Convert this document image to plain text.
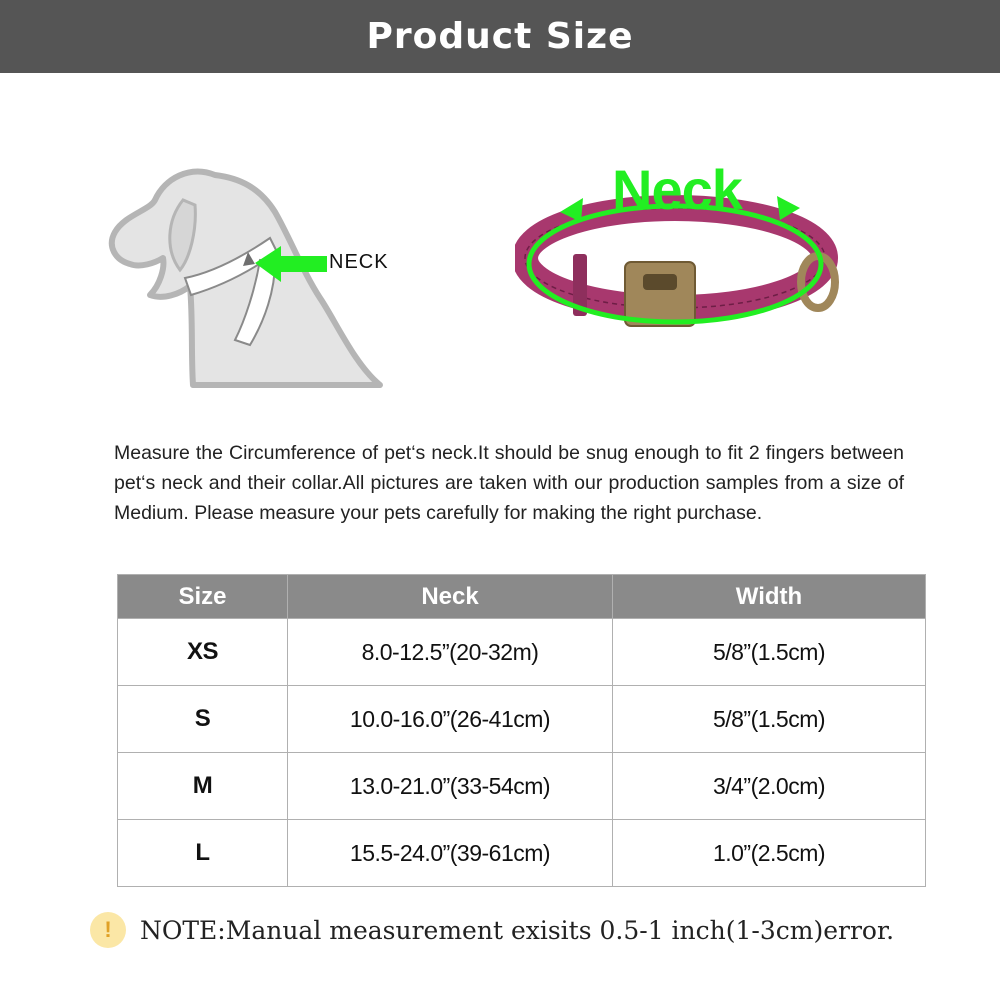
Product Size
NECK
Neck

Measure the Circumference of pet‘s neck.It should be snug enough to fit 2 fingers between pet‘s neck and their collar.All pictures are taken with our production samples from a size of Medium. Please measure your pets carefully for making the right purchase.

Size	Neck	Width
XS	8.0-12.5”(20-32m)	5/8”(1.5cm)
S	10.0-16.0”(26-41cm)	5/8”(1.5cm)
M	13.0-21.0”(33-54cm)	3/4”(2.0cm)
L	15.5-24.0”(39-61cm)	1.0”(2.5cm)
!	NOTE:Manual measurement exisits 0.5-1 inch(1-3cm)error.
